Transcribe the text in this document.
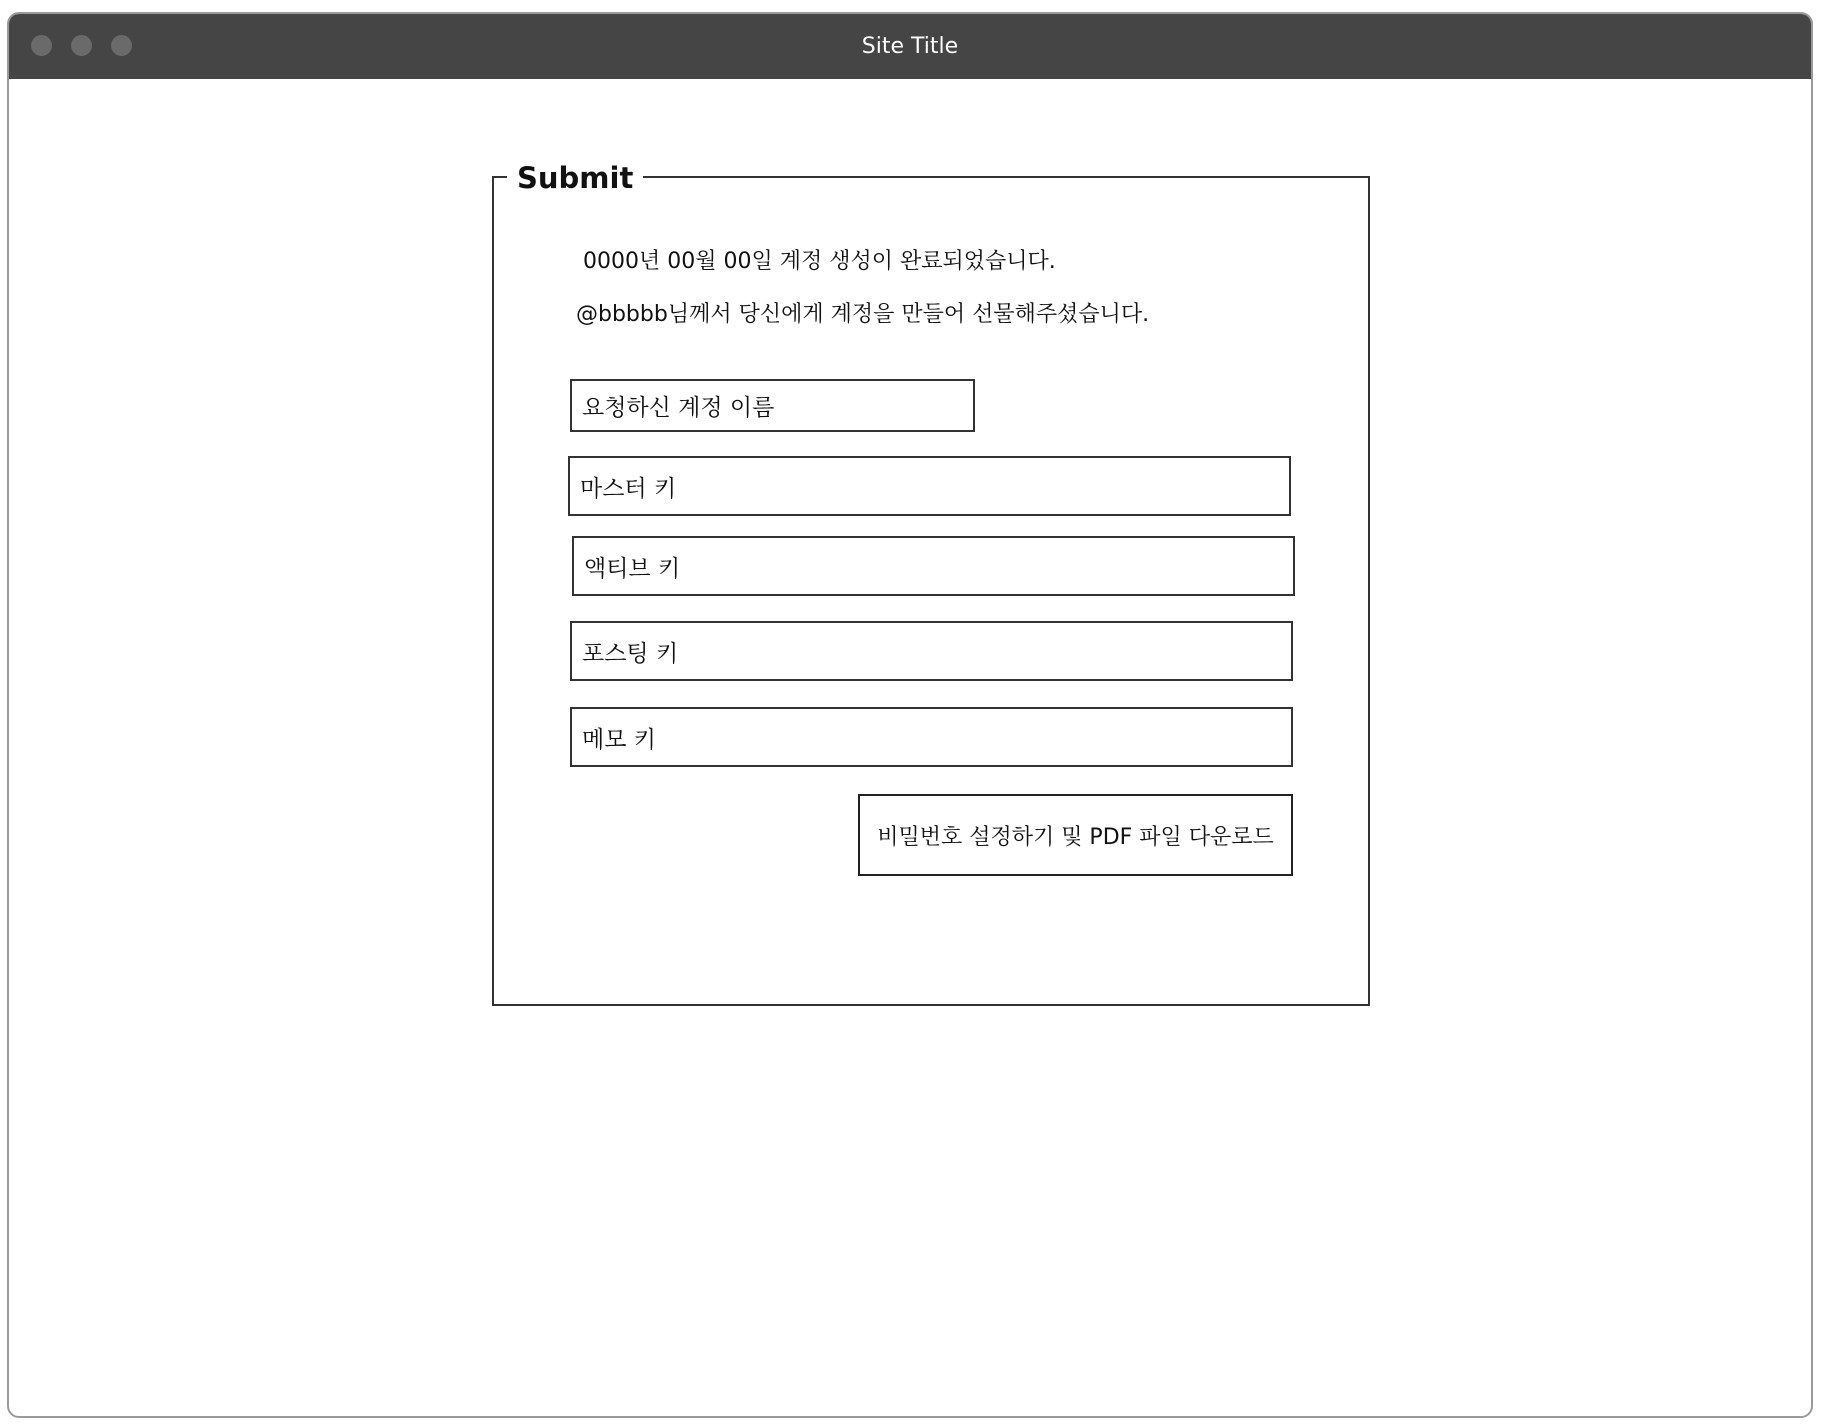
Site Title
Submit
0000년 00월 00일 계정 생성이 완료되었습니다.
@bbbbb님께서 당신에게 계정을 만들어 선물해주셨습니다.
요청하신 계정 이름
마스터 키
액티브 키
포스팅 키
메모 키
비밀번호 설정하기 및 PDF 파일 다운로드
